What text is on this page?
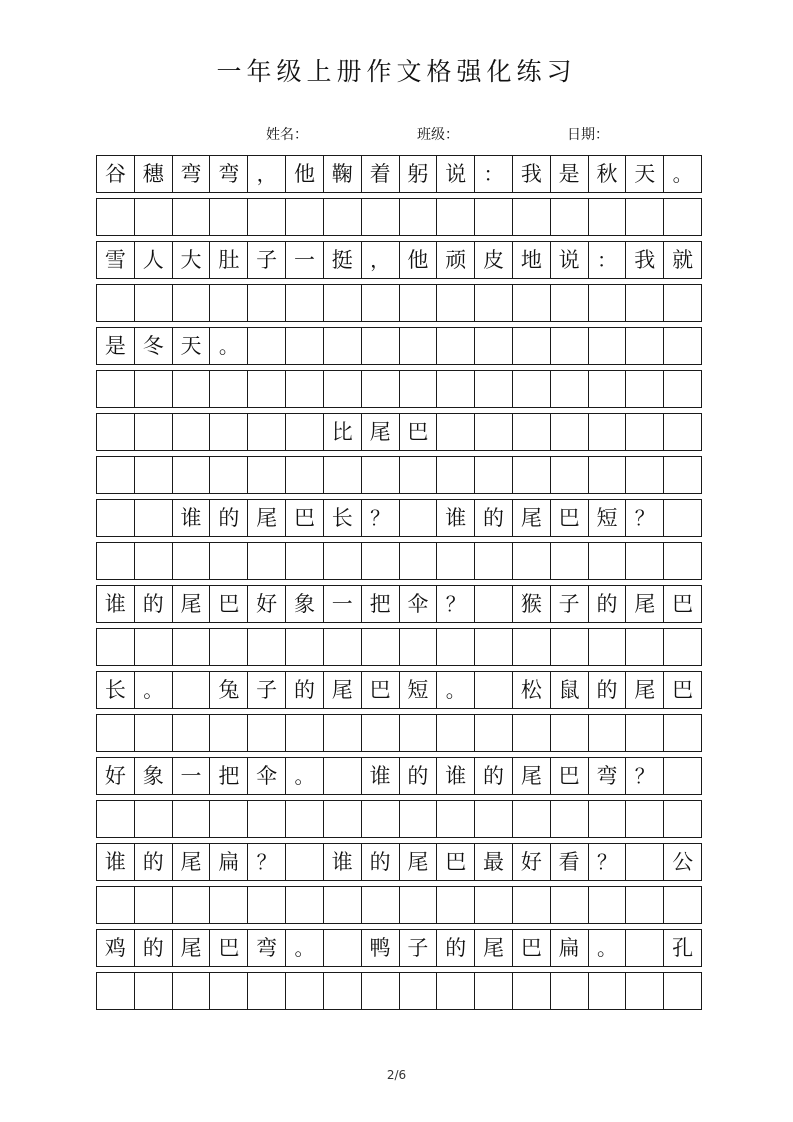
一年级上册作文格强化练习
姓名：	班级：	日期：
谷 穗 弯 弯 ， 他 鞠 着 躬 说 ： 我 是 秋 天 。
雪 人 大 肚 子 一 挺 ， 他 顽 皮 地 说 ： 我 就
是 冬 天 。
比 尾 巴
谁 的 尾 巴 长 ？	谁 的 尾 巴 短 ？
谁 的 尾 巴 好 象 一 把 伞 ？	猴 子 的 尾 巴
长 。	兔 子 的 尾 巴 短 。	松 鼠 的 尾 巴
好 象 一 把 伞 。	谁 的 谁 的 尾 巴 弯 ？
谁 的 尾 扁 ？	谁 的 尾 巴 最 好 看 ？	公
鸡 的 尾 巴 弯 。	鸭 子 的 尾 巴 扁 。	孔
2/6
